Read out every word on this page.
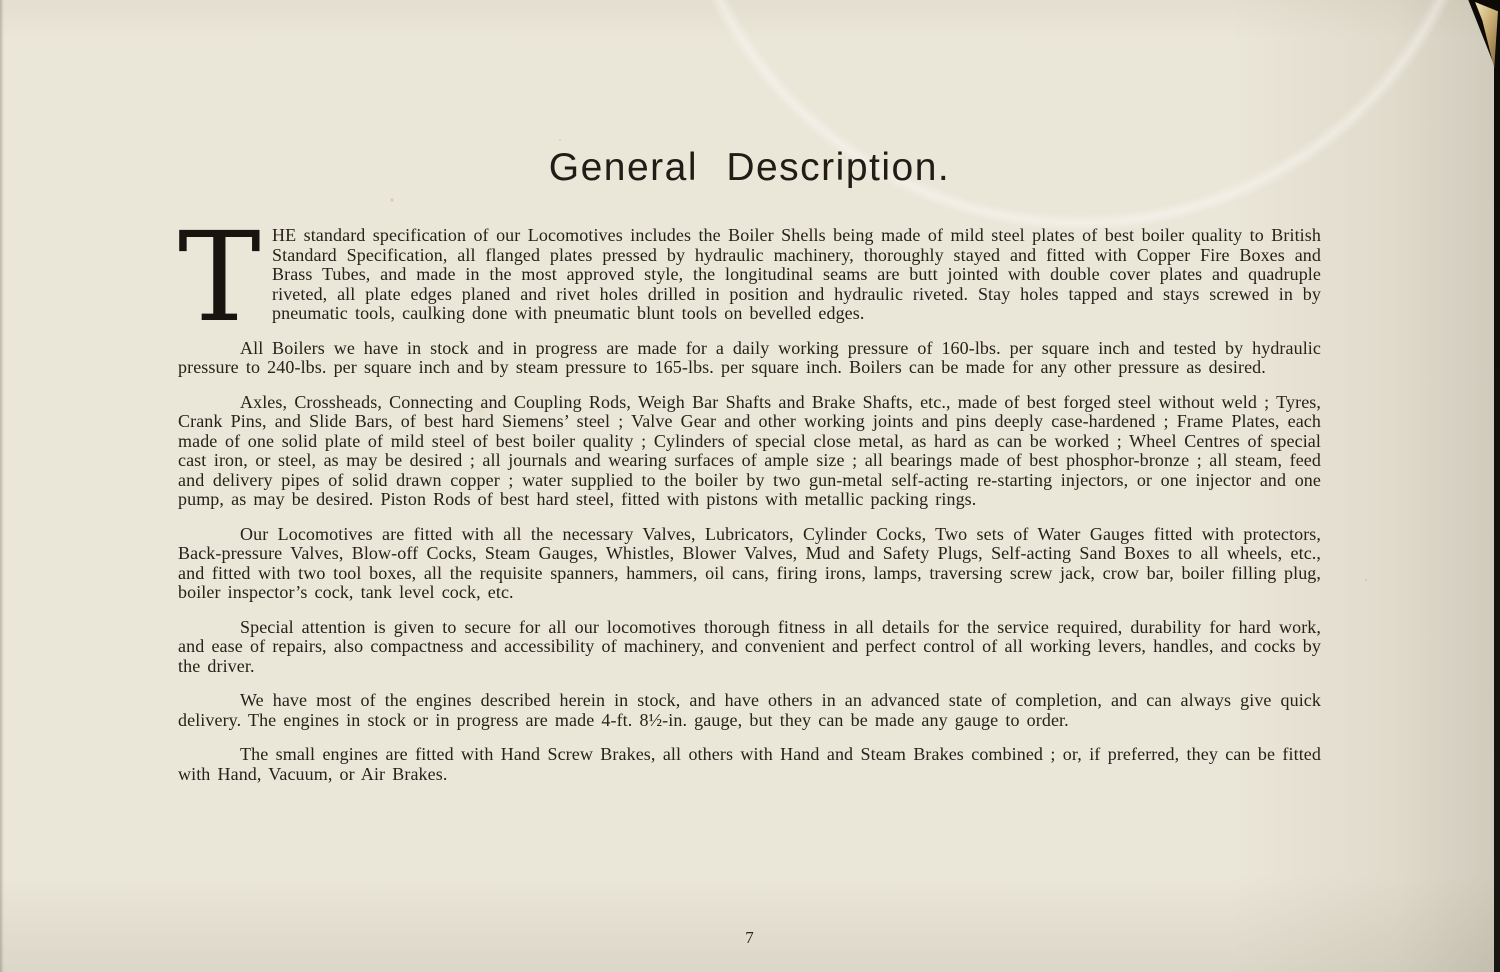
General Description.

THE standard specification of our Locomotives includes the Boiler Shells being made of mild steel plates of best boiler quality to British Standard Specification, all flanged plates pressed by hydraulic machinery, thoroughly stayed and fitted with Copper Fire Boxes and Brass Tubes, and made in the most approved style, the longitudinal seams are butt jointed with double cover plates and quadruple riveted, all plate edges planed and rivet holes drilled in position and hydraulic riveted. Stay holes tapped and stays screwed in by pneumatic tools, caulking done with pneumatic blunt tools on bevelled edges.

All Boilers we have in stock and in progress are made for a daily working pressure of 160-lbs. per square inch and tested by hydraulic pressure to 240-lbs. per square inch and by steam pressure to 165-lbs. per square inch. Boilers can be made for any other pressure as desired.

Axles, Crossheads, Connecting and Coupling Rods, Weigh Bar Shafts and Brake Shafts, etc., made of best forged steel without weld ; Tyres, Crank Pins, and Slide Bars, of best hard Siemens’ steel ; Valve Gear and other working joints and pins deeply case-hardened ; Frame Plates, each made of one solid plate of mild steel of best boiler quality ; Cylinders of special close metal, as hard as can be worked ; Wheel Centres of special cast iron, or steel, as may be desired ; all journals and wearing surfaces of ample size ; all bearings made of best phosphor-bronze ; all steam, feed and delivery pipes of solid drawn copper ; water supplied to the boiler by two gun-metal self-acting re-starting injectors, or one injector and one pump, as may be desired. Piston Rods of best hard steel, fitted with pistons with metallic packing rings.

Our Locomotives are fitted with all the necessary Valves, Lubricators, Cylinder Cocks, Two sets of Water Gauges fitted with protectors, Back-pressure Valves, Blow-off Cocks, Steam Gauges, Whistles, Blower Valves, Mud and Safety Plugs, Self-acting Sand Boxes to all wheels, etc., and fitted with two tool boxes, all the requisite spanners, hammers, oil cans, firing irons, lamps, traversing screw jack, crow bar, boiler filling plug, boiler inspector’s cock, tank level cock, etc.

Special attention is given to secure for all our locomotives thorough fitness in all details for the service required, durability for hard work, and ease of repairs, also compactness and accessibility of machinery, and convenient and perfect control of all working levers, handles, and cocks by the driver.

We have most of the engines described herein in stock, and have others in an advanced state of completion, and can always give quick delivery. The engines in stock or in progress are made 4-ft. 8½-in. gauge, but they can be made any gauge to order.

The small engines are fitted with Hand Screw Brakes, all others with Hand and Steam Brakes combined ; or, if preferred, they can be fitted with Hand, Vacuum, or Air Brakes.

7
